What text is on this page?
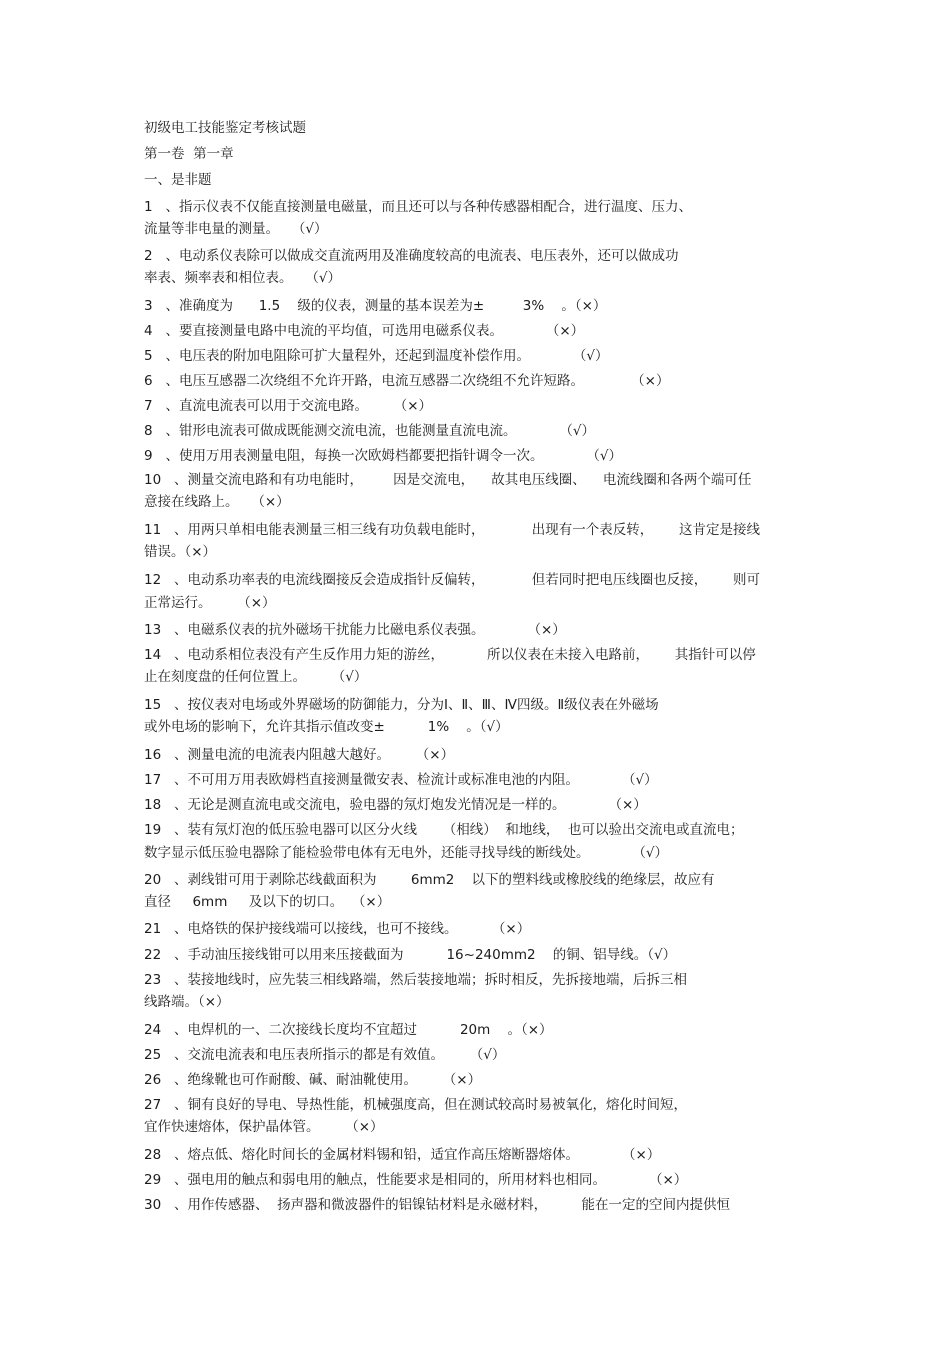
初级电工技能鉴定考核试题
第一卷  第一章
一、是非题
1   、指示仪表不仅能直接测量电磁量，而且还可以与各种传感器相配合，进行温度、压力、
流量等非电量的测量。   （√）
2   、电动系仪表除可以做成交直流两用及准确度较高的电流表、电压表外，还可以做成功
率表、频率表和相位表。   （√）
3   、准确度为      1.5    级的仪表，测量的基本误差为±         3%    。（×）
4   、要直接测量电路中电流的平均值，可选用电磁系仪表。          （×）
5   、电压表的附加电阻除可扩大量程外，还起到温度补偿作用。          （√）
6   、电压互感器二次绕组不允许开路，电流互感器二次绕组不允许短路。           （×）
7   、直流电流表可以用于交流电路。      （×）
8   、钳形电流表可做成既能测交流电流，也能测量直流电流。          （√）
9   、使用万用表测量电阻，每换一次欧姆档都要把指针调令一次。          （√）
10   、测量交流电路和有功电能时，       因是交流电，    故其电压线圈、    电流线圈和各两个端可任
意接在线路上。   （×）
11   、用两只单相电能表测量三相三线有功负载电能时，           出现有一个表反转，      这肯定是接线
错误。（×）
12   、电动系功率表的电流线圈接反会造成指针反偏转，           但若同时把电压线圈也反接，      则可
正常运行。      （×）
13   、电磁系仪表的抗外磁场干扰能力比磁电系仪表强。          （×）
14   、电动系相位表没有产生反作用力矩的游丝，          所以仪表在未接入电路前，      其指针可以停
止在刻度盘的任何位置上。      （√）
15   、按仪表对电场或外界磁场的防御能力，分为Ⅰ、Ⅱ、Ⅲ、Ⅳ四级。Ⅱ级仪表在外磁场
或外电场的影响下，允许其指示值改变±          1%    。（√）
16   、测量电流的电流表内阻越大越好。      （×）
17   、不可用万用表欧姆档直接测量微安表、检流计或标准电池的内阻。          （√）
18   、无论是测直流电或交流电，验电器的氖灯炮发光情况是一样的。          （×）
19   、装有氖灯泡的低压验电器可以区分火线      （相线）  和地线，  也可以验出交流电或直流电；
数字显示低压验电器除了能检验带电体有无电外，还能寻找导线的断线处。          （√）
20   、剥线钳可用于剥除芯线截面积为        6mm2    以下的塑料线或橡胶线的绝缘层，故应有
直径     6mm     及以下的切口。  （×）
21   、电烙铁的保护接线端可以接线，也可不接线。        （×）
22   、手动油压接线钳可以用来压接截面为          16~240mm2    的铜、铝导线。（√）
23   、装接地线时，应先装三相线路端，然后装接地端；拆时相反，先拆接地端，后拆三相
线路端。（×）
24   、电焊机的一、二次接线长度均不宜超过          20m    。（×）
25   、交流电流表和电压表所指示的都是有效值。      （√）
26   、绝缘靴也可作耐酸、碱、耐油靴使用。      （×）
27   、铜有良好的导电、导热性能，机械强度高，但在测试较高时易被氧化，熔化时间短，
宜作快速熔体，保护晶体管。      （×）
28   、熔点低、熔化时间长的金属材料锡和铅，适宜作高压熔断器熔体。          （×）
29   、强电用的触点和弱电用的触点，性能要求是相同的，所用材料也相同。          （×）
30   、用作传感器、  扬声器和微波器件的铝镍钴材料是永磁材料，        能在一定的空间内提供恒
